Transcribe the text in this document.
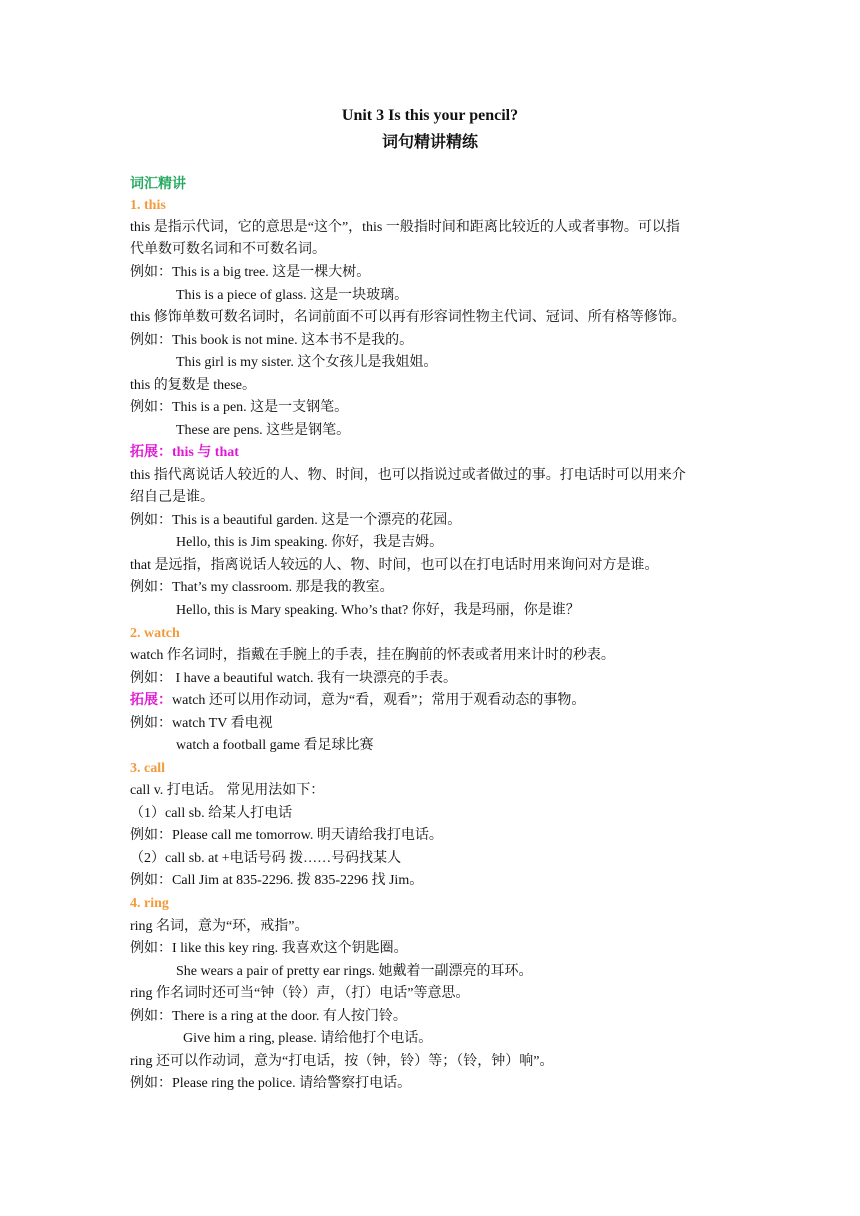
Unit 3 Is this your pencil?
词句精讲精练
词汇精讲
1. this
this 是指示代词，它的意思是“这个”，this 一般指时间和距离比较近的人或者事物。可以指
代单数可数名词和不可数名词。
例如：This is a big tree. 这是一棵大树。
This is a piece of glass. 这是一块玻璃。
this 修饰单数可数名词时，名词前面不可以再有形容词性物主代词、冠词、所有格等修饰。
例如：This book is not mine. 这本书不是我的。
This girl is my sister. 这个女孩儿是我姐姐。
this 的复数是 these。
例如：This is a pen. 这是一支钢笔。
These are pens. 这些是钢笔。
拓展：this 与 that
this 指代离说话人较近的人、物、时间，也可以指说过或者做过的事。打电话时可以用来介
绍自己是谁。
例如：This is a beautiful garden. 这是一个漂亮的花园。
Hello, this is Jim speaking. 你好，我是吉姆。
that 是远指，指离说话人较远的人、物、时间，也可以在打电话时用来询问对方是谁。
例如：That’s my classroom. 那是我的教室。
Hello, this is Mary speaking. Who’s that? 你好，我是玛丽，你是谁？
2. watch
watch 作名词时，指戴在手腕上的手表，挂在胸前的怀表或者用来计时的秒表。
例如： I have a beautiful watch. 我有一块漂亮的手表。
拓展：watch 还可以用作动词，意为“看，观看”；常用于观看动态的事物。
例如：watch TV 看电视
watch a football game 看足球比赛
3. call
call v. 打电话。 常见用法如下：
（1）call sb. 给某人打电话
例如：Please call me tomorrow. 明天请给我打电话。
（2）call sb. at +电话号码 拨……号码找某人
例如：Call Jim at 835-2296. 拨 835-2296 找 Jim。
4. ring
ring 名词，意为“环，戒指”。
例如：I like this key ring. 我喜欢这个钥匙圈。
She wears a pair of pretty ear rings. 她戴着一副漂亮的耳环。
ring 作名词时还可当“钟（铃）声，（打）电话”等意思。
例如：There is a ring at the door. 有人按门铃。
Give him a ring, please. 请给他打个电话。
ring 还可以作动词，意为“打电话，按（钟，铃）等；（铃，钟）响”。
例如：Please ring the police. 请给警察打电话。
